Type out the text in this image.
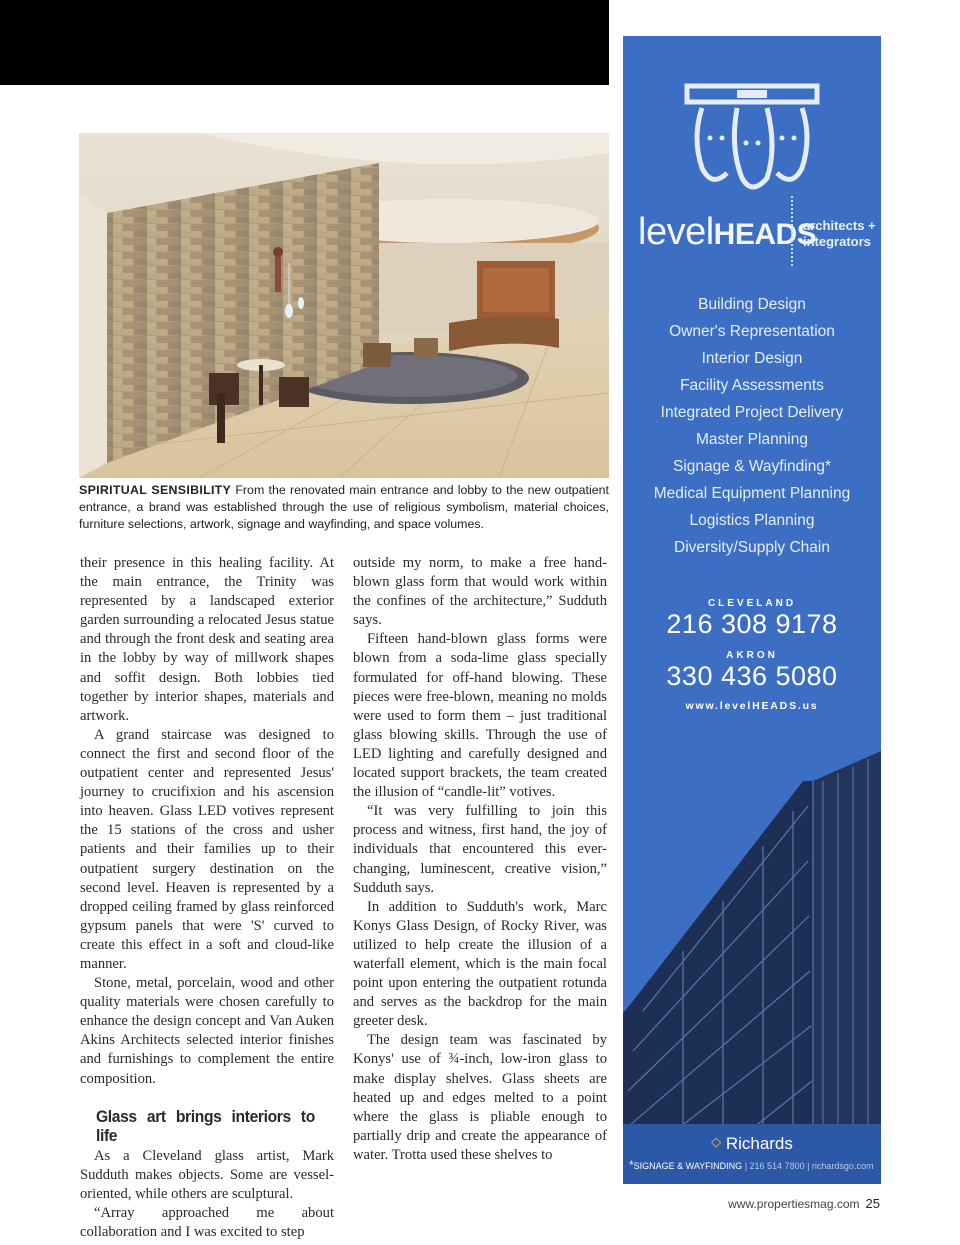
SPIRITUAL SENSIBILITY From the renovated main entrance and lobby to the new outpatient entrance, a brand was established through the use of religious symbolism, material choices, furniture selections, artwork, signage and wayfinding, and space volumes.

their presence in this healing facility. At the main entrance, the Trinity was represented by a landscaped exterior garden surrounding a relocated Jesus statue and through the front desk and seating area in the lobby by way of millwork shapes and soffit design. Both lobbies tied together by interior shapes, materials and artwork.

A grand staircase was designed to connect the first and second floor of the outpatient center and represented Jesus' journey to crucifixion and his ascension into heaven. Glass LED votives represent the 15 stations of the cross and usher patients and their families up to their outpatient surgery destination on the second level. Heaven is represented by a dropped ceiling framed by glass reinforced gypsum panels that were 'S' curved to create this effect in a soft and cloud-like manner.

Stone, metal, porcelain, wood and other quality materials were chosen carefully to enhance the design concept and Van Auken Akins Architects selected interior finishes and furnishings to complement the entire composition.

Glass art brings interiors to life

As a Cleveland glass artist, Mark Sudduth makes objects. Some are vessel-oriented, while others are sculptural.

“Array approached me about collaboration and I was excited to step

outside my norm, to make a free hand-blown glass form that would work within the confines of the architecture,” Sudduth says.

Fifteen hand-blown glass forms were blown from a soda-lime glass specially formulated for off-hand blowing. These pieces were free-blown, meaning no molds were used to form them – just traditional glass blowing skills. Through the use of LED lighting and carefully designed and located support brackets, the team created the illusion of “candle-lit” votives.

“It was very fulfilling to join this process and witness, first hand, the joy of individuals that encountered this ever-changing, luminescent, creative vision,” Sudduth says.

In addition to Sudduth's work, Marc Konys Glass Design, of Rocky River, was utilized to help create the illusion of a waterfall element, which is the main focal point upon entering the outpatient rotunda and serves as the backdrop for the main greeter desk.

The design team was fascinated by Konys' use of ¾-inch, low-iron glass to make display shelves. Glass sheets are heated up and edges melted to a point where the glass is pliable enough to partially drip and create the appearance of water. Trotta used these shelves to

levelHEADS
architects +
integrators
Building Design
Owner's Representation
Interior Design
Facility Assessments
Integrated Project Delivery
Master Planning
Signage & Wayfinding*
Medical Equipment Planning
Logistics Planning
Diversity/Supply Chain
CLEVELAND
216 308 9178
AKRON
330 436 5080
www.levelHEADS.us
◇ Richards
*SIGNAGE & WAYFINDING | 216 514 7800 | richardsgo.com
www.propertiesmag.com 25
